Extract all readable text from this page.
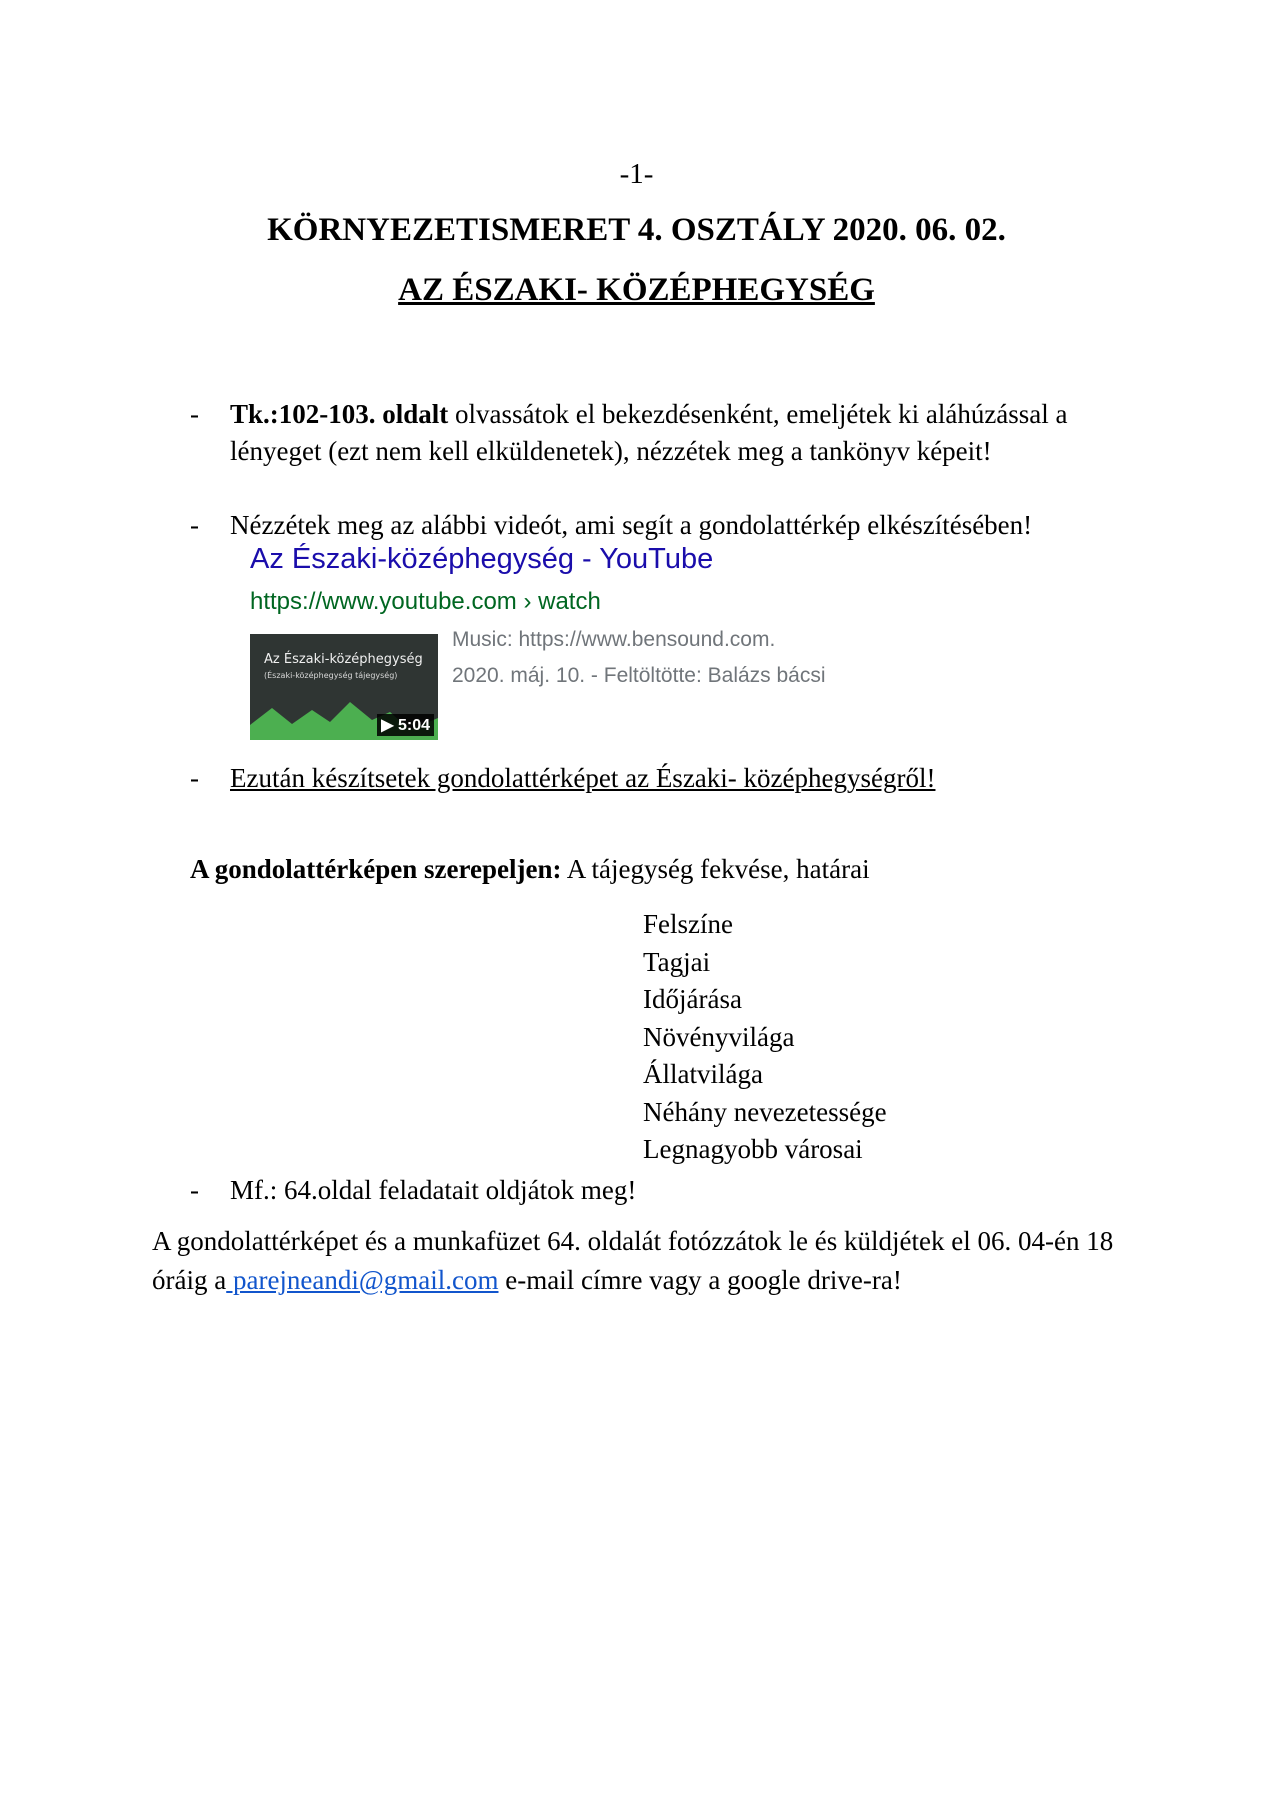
-1-
KÖRNYEZETISMERET 4. OSZTÁLY 2020. 06. 02.
AZ ÉSZAKI- KÖZÉPHEGYSÉG
- Tk.:102-103. oldalt olvassátok el bekezdésenként, emeljétek ki aláhúzással a lényeget (ezt nem kell elküldenetek), nézzétek meg a tankönyv képeit!
- Nézzétek meg az alábbi videót, ami segít a gondolattérkép elkészítésében!
Az Északi-középhegység - YouTube
https://www.youtube.com › watch
Az Északi-középhegység
(Északi-középhegység tájegység)
▶ 5:04
Music: https://www.bensound.com.
2020. máj. 10. - Feltöltötte: Balázs bácsi
- Ezután készítsetek gondolattérképet az Északi- középhegységről!
A gondolattérképen szerepeljen: A tájegység fekvése, határai
Felszíne
Tagjai
Időjárása
Növényvilága
Állatvilága
Néhány nevezetessége
Legnagyobb városai
- Mf.: 64.oldal feladatait oldjátok meg!
A gondolattérképet és a munkafüzet 64. oldalát fotózzátok le és küldjétek el 06. 04-én 18 óráig a parejneandi@gmail.com e-mail címre vagy a google drive-ra!
